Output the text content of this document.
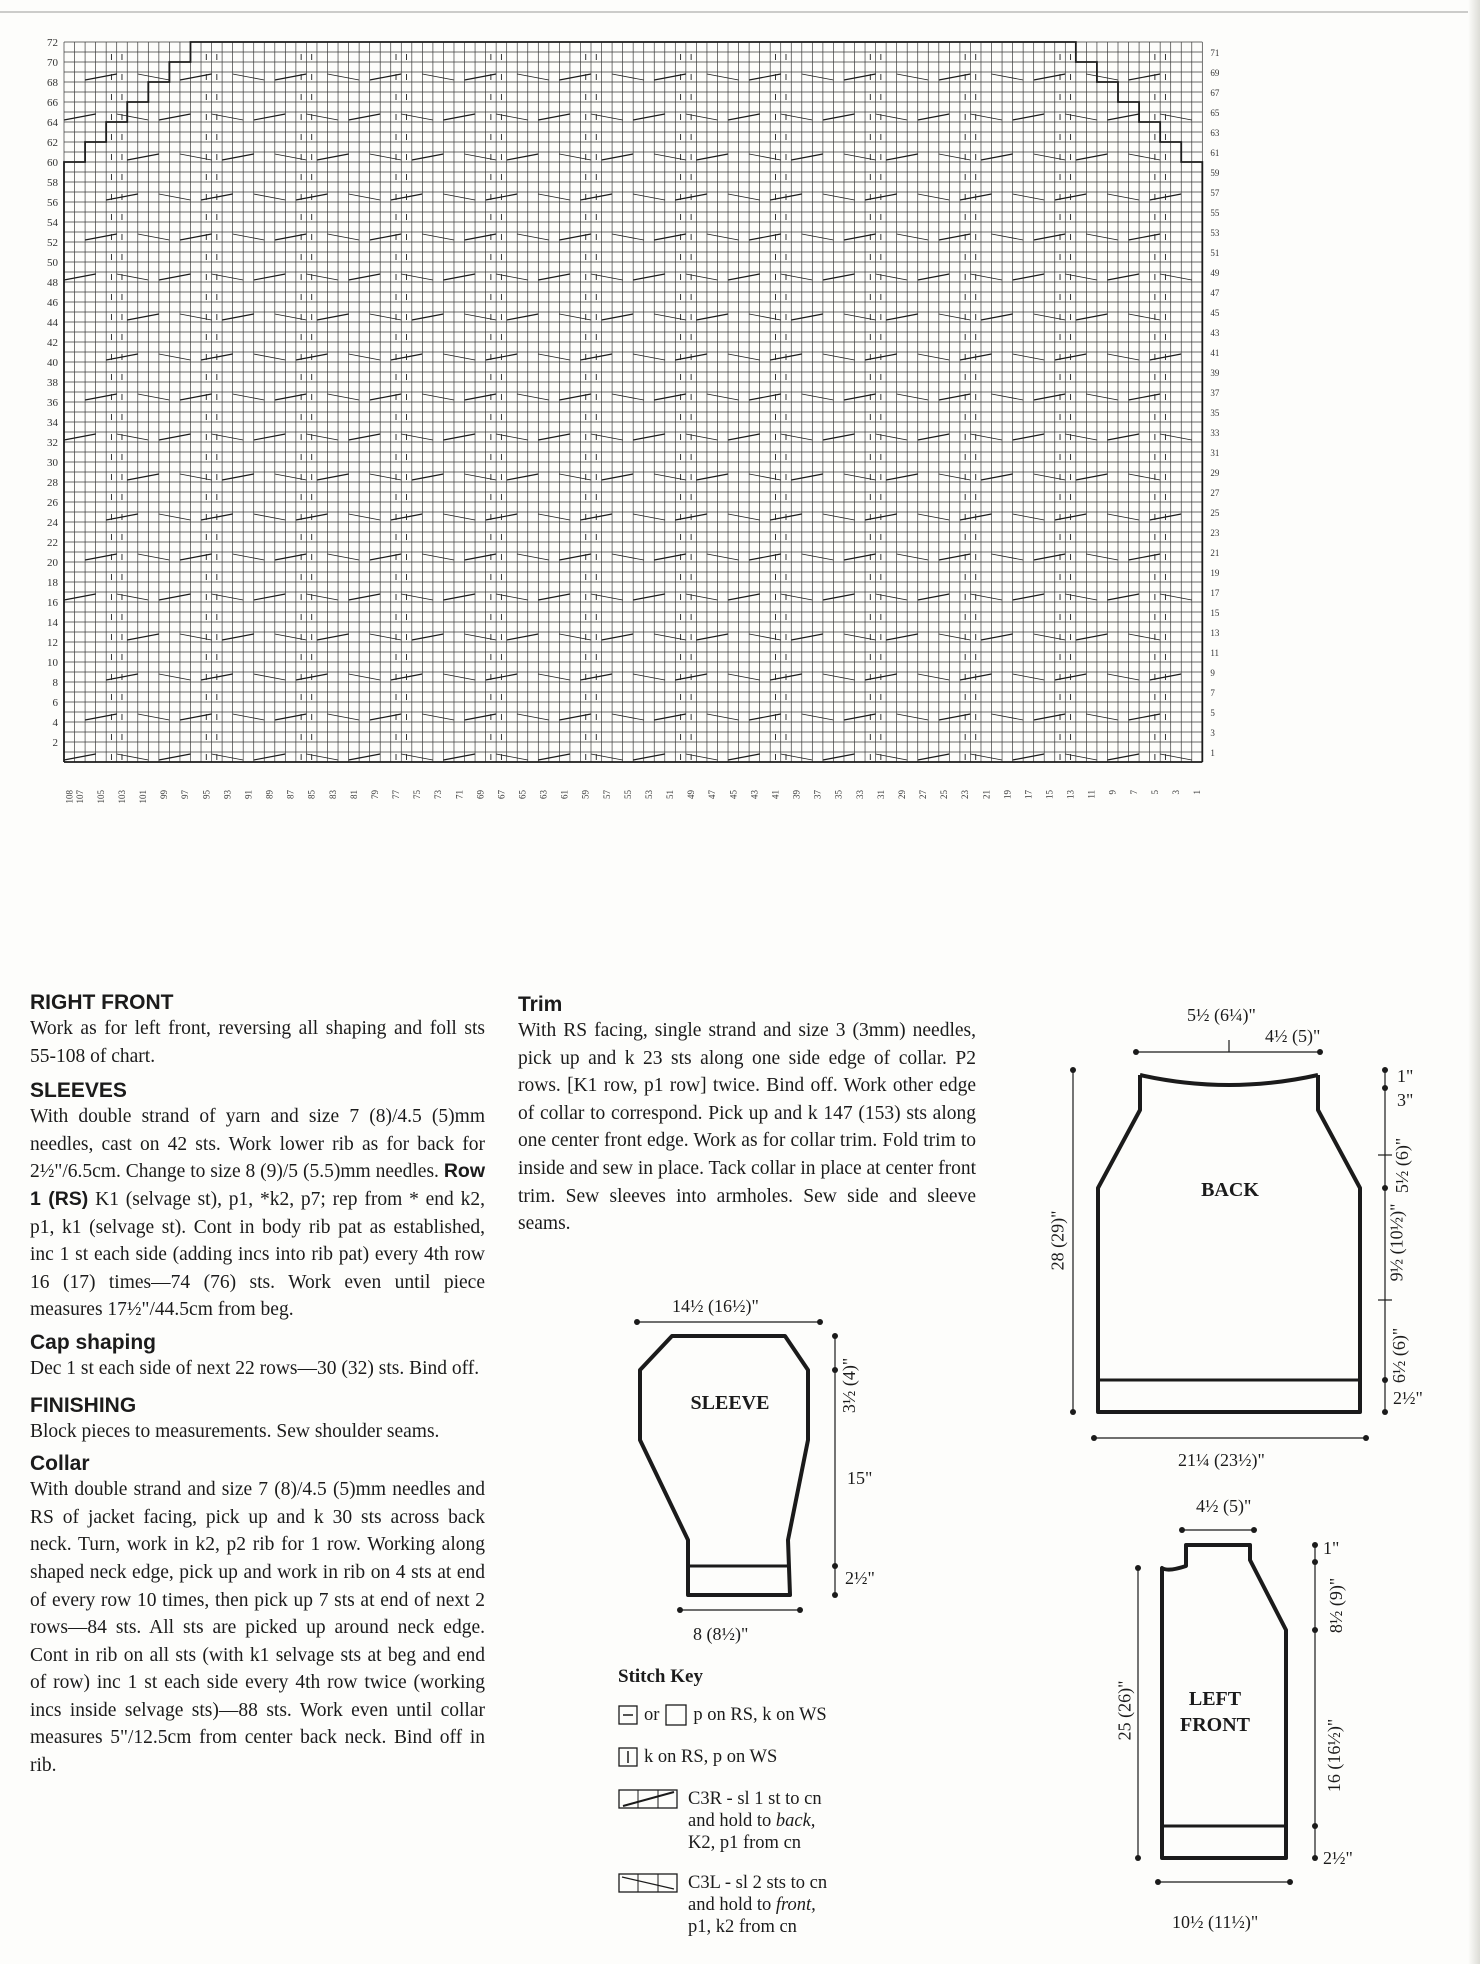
72
70
68
66
64
62
60
58
56
54
52
50
48
46
44
42
40
38
36
34
32
30
28
26
24
22
20
18
16
14
12
10
8
6
4
2
71
69
67
65
63
61
59
57
55
53
51
49
47
45
43
41
39
37
35
33
31
29
27
25
23
21
19
17
15
13
11
9
7
5
3
1
108 107 105 103 101 99 97 95 93 91 89 87 85 83 81 79 77 75 73 71 69 67 65 63 61 59 57 55 53 51 49 47 45 43 41 39 37 35 33 31 29 27 25 23 21 19 17 15 13 11 9 7 5 3 1
RIGHT FRONT

Work as for left front, reversing all shaping and foll sts 55-108 of chart.

SLEEVES

With double strand of yarn and size 7 (8)/4.5 (5)mm needles, cast on 42 sts. Work lower rib as for back for 2½"/6.5cm. Change to size 8 (9)/5 (5.5)mm needles. Row 1 (RS) K1 (selvage st), p1, *k2, p7; rep from * end k2, p1, k1 (selvage st). Cont in body rib pat as established, inc 1 st each side (adding incs into rib pat) every 4th row 16 (17) times—74 (76) sts. Work even until piece measures 17½"/44.5cm from beg.

Cap shaping

Dec 1 st each side of next 22 rows—30 (32) sts. Bind off.

FINISHING

Block pieces to measurements. Sew shoulder seams.

Collar

With double strand and size 7 (8)/4.5 (5)mm needles and RS of jacket facing, pick up and k 30 sts across back neck. Turn, work in k2, p2 rib for 1 row. Working along shaped neck edge, pick up and work in rib on 4 sts at end of every row 10 times, then pick up 7 sts at end of next 2 rows—84 sts. All sts are picked up around neck edge. Cont in rib on all sts (with k1 selvage sts at beg and end of row) inc 1 st each side every 4th row twice (working incs inside selvage sts)—88 sts. Work even until collar measures 5"/12.5cm from center back neck. Bind off in rib.

Trim

With RS facing, single strand and size 3 (3mm) needles, pick up and k 23 sts along one side edge of collar. P2 rows. [K1 row, p1 row] twice. Bind off. Work other edge of collar to correspond. Pick up and k 147 (153) sts along one center front edge. Work as for collar trim. Fold trim to inside and sew in place. Tack collar in place at center front trim. Sew sleeves into armholes. Sew side and sleeve seams.

14½ (16½)"
SLEEVE	3½ (4)"
15"
2½"
8 (8½)"
5½ (6¼)"
4½ (5)"
1"
3"
5½ (6)"
9½ (10½)"
6½ (6)"
2½"
28 (29)"
BACK
21¼ (23½)"
4½ (5)"
1"
8½ (9)"
16 (16½)"
2½"
25 (26)"	LEFT
FRONT
10½ (11½)"
Stitch Key
or p on RS, k on WS
k on RS, p on WS
C3R - sl 1 st to cn
and hold to back,
K2, p1 from cn
C3L - sl 2 sts to cn
and hold to front,
p1, k2 from cn
